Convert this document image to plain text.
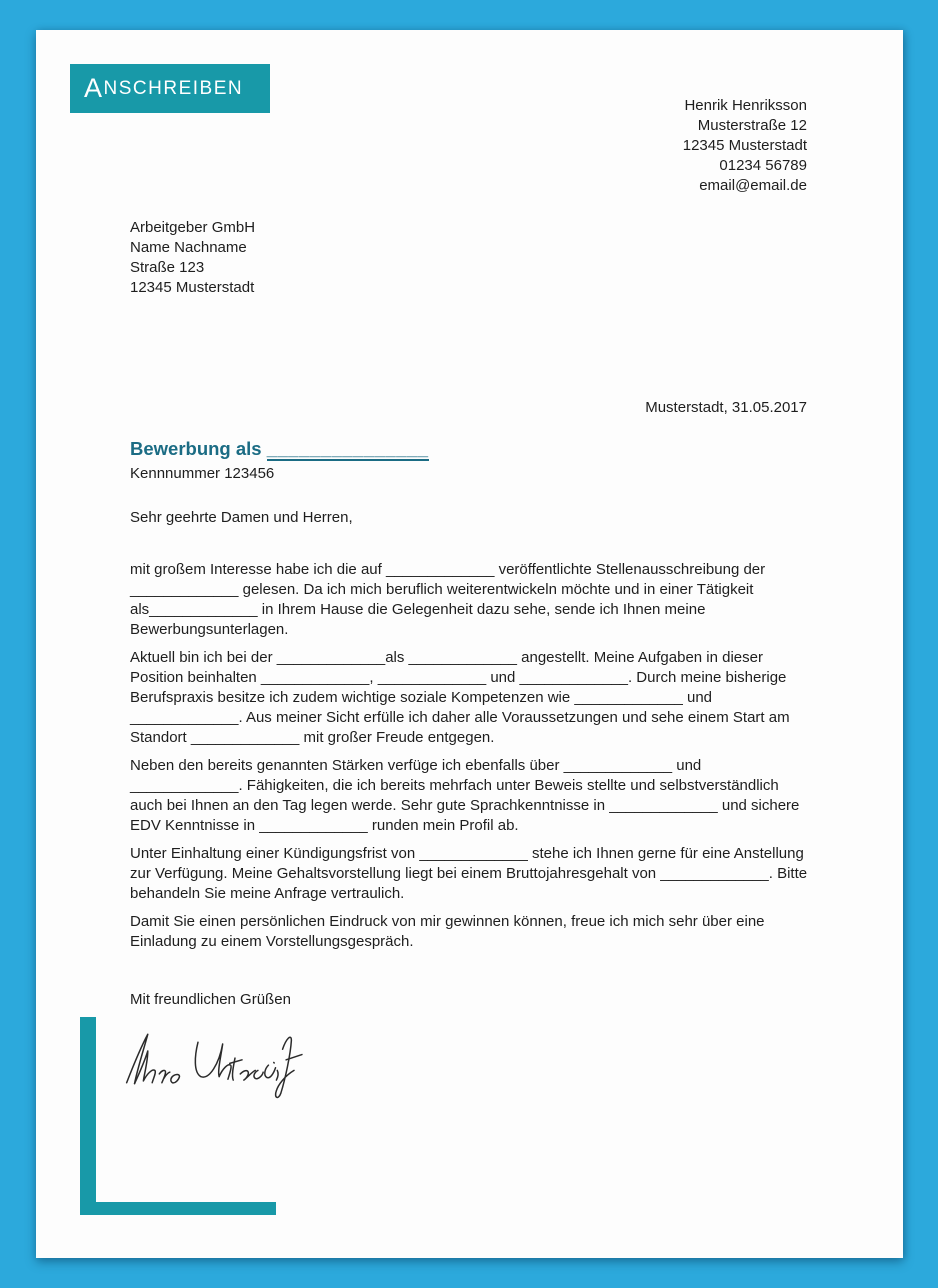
A NSCHREIBEN
Henrik Henriksson
Musterstraße 12
12345 Musterstadt
01234 56789
email@email.de
Arbeitgeber GmbH
Name Nachname
Straße 123
12345 Musterstadt
Musterstadt, 31.05.2017
Bewerbung als _______________
Kennnummer 123456

Sehr geehrte Damen und Herren,

mit großem Interesse habe ich die auf _____________ veröffentlichte Stellenausschreibung der _____________ gelesen. Da ich mich beruflich weiterentwickeln möchte und in einer Tätigkeit als_____________ in Ihrem Hause die Gelegenheit dazu sehe, sende ich Ihnen meine Bewerbungsunterlagen.

Aktuell bin ich bei der _____________als _____________ angestellt. Meine Aufgaben in dieser Position beinhalten _____________, _____________ und _____________. Durch meine bisherige Berufspraxis besitze ich zudem wichtige soziale Kompetenzen wie _____________ und _____________. Aus meiner Sicht erfülle ich daher alle Voraussetzungen und sehe einem Start am Standort _____________ mit großer Freude entgegen.

Neben den bereits genannten Stärken verfüge ich ebenfalls über _____________ und _____________. Fähigkeiten, die ich bereits mehrfach unter Beweis stellte und selbstverständlich auch bei Ihnen an den Tag legen werde. Sehr gute Sprachkenntnisse in _____________ und sichere EDV Kenntnisse in _____________ runden mein Profil ab.

Unter Einhaltung einer Kündigungsfrist von _____________ stehe ich Ihnen gerne für eine Anstellung zur Verfügung. Meine Gehaltsvorstellung liegt bei einem Bruttojahresgehalt von _____________. Bitte behandeln Sie meine Anfrage vertraulich.

Damit Sie einen persönlichen Eindruck von mir gewinnen können, freue ich mich sehr über eine Einladung zu einem Vorstellungsgespräch.

Mit freundlichen Grüßen
